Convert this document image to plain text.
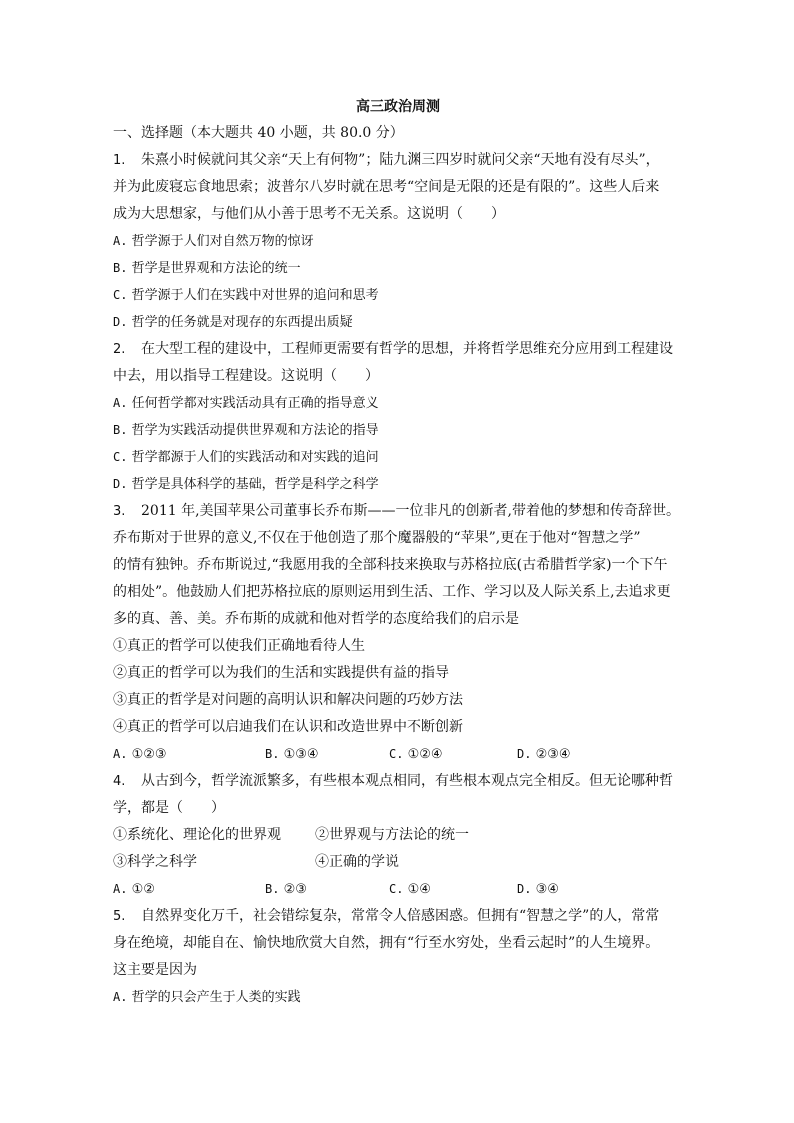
高三政治周测
一、选择题（本大题共 40 小题，共 80.0 分）
1. 朱熹小时候就问其父亲“天上有何物”；陆九渊三四岁时就问父亲“天地有没有尽头”，
并为此废寝忘食地思索；波普尔八岁时就在思考“空间是无限的还是有限的”。这些人后来
成为大思想家，与他们从小善于思考不无关系。这说明（　　）
A. 哲学源于人们对自然万物的惊讶
B. 哲学是世界观和方法论的统一
C. 哲学源于人们在实践中对世界的追问和思考
D. 哲学的任务就是对现存的东西提出质疑
2. 在大型工程的建设中，工程师更需要有哲学的思想，并将哲学思维充分应用到工程建设
中去，用以指导工程建设。这说明（　　）
A. 任何哲学都对实践活动具有正确的指导意义
B. 哲学为实践活动提供世界观和方法论的指导
C. 哲学都源于人们的实践活动和对实践的追问
D. 哲学是具体科学的基础，哲学是科学之科学
3. 2011 年,美国苹果公司董事长乔布斯——一位非凡的创新者,带着他的梦想和传奇辞世。
乔布斯对于世界的意义,不仅在于他创造了那个魔器般的“苹果”,更在于他对“智慧之学”
的情有独钟。乔布斯说过,“我愿用我的全部科技来换取与苏格拉底(古希腊哲学家)一个下午
的相处”。他鼓励人们把苏格拉底的原则运用到生活、工作、学习以及人际关系上,去追求更
多的真、善、美。乔布斯的成就和他对哲学的态度给我们的启示是
①真正的哲学可以使我们正确地看待人生
②真正的哲学可以为我们的生活和实践提供有益的指导
③真正的哲学是对问题的高明认识和解决问题的巧妙方法
④真正的哲学可以启迪我们在认识和改造世界中不断创新
A. ①②③	B. ①③④	C. ①②④	D. ②③④
4. 从古到今，哲学流派繁多，有些根本观点相同，有些根本观点完全相反。但无论哪种哲
学，都是（　　）
①系统化、理论化的世界观	②世界观与方法论的统一
③科学之科学	④正确的学说
A. ①②	B. ②③	C. ①④	D. ③④
5. 自然界变化万千，社会错综复杂，常常令人倍感困惑。但拥有“智慧之学”的人，常常
身在绝境，却能自在、愉快地欣赏大自然，拥有“行至水穷处，坐看云起时”的人生境界。
这主要是因为
A. 哲学的只会产生于人类的实践
